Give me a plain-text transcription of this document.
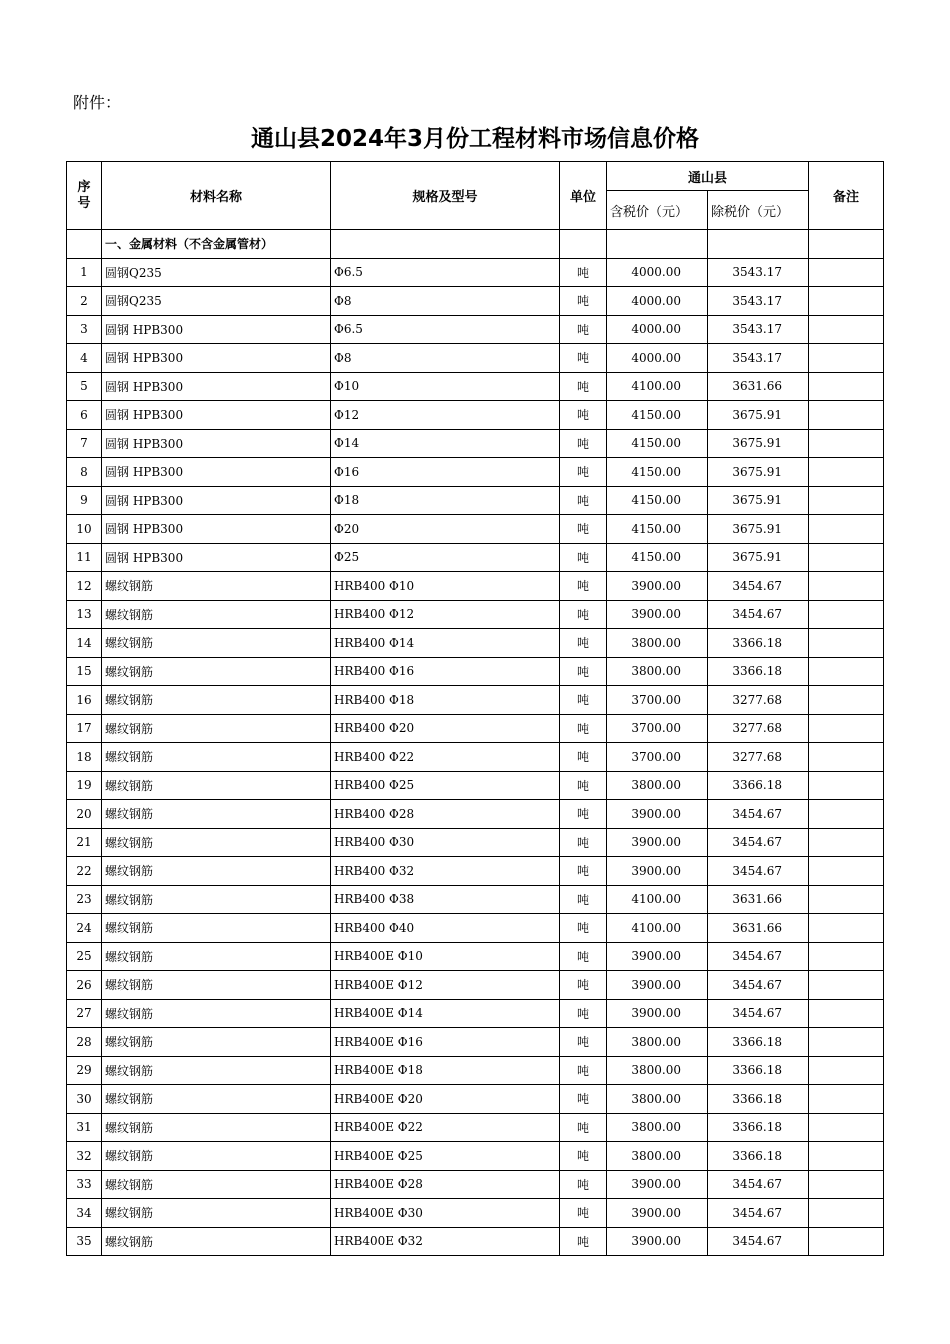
附件：
通山县2024年3月份工程材料市场信息价格
序号	材料名称	规格及型号	单位	通山县		备注
				含税价（元）	除税价（元）	
	一、金属材料（不含金属管材）					
1	圆钢Q235	Φ6.5	吨	4000.00	3543.17	
2	圆钢Q235	Φ8	吨	4000.00	3543.17	
3	圆钢 HPB300	Φ6.5	吨	4000.00	3543.17	
4	圆钢 HPB300	Φ8	吨	4000.00	3543.17	
5	圆钢 HPB300	Φ10	吨	4100.00	3631.66	
6	圆钢 HPB300	Φ12	吨	4150.00	3675.91	
7	圆钢 HPB300	Φ14	吨	4150.00	3675.91	
8	圆钢 HPB300	Φ16	吨	4150.00	3675.91	
9	圆钢 HPB300	Φ18	吨	4150.00	3675.91	
10	圆钢 HPB300	Φ20	吨	4150.00	3675.91	
11	圆钢 HPB300	Φ25	吨	4150.00	3675.91	
12	螺纹钢筋	HRB400 Φ10	吨	3900.00	3454.67	
13	螺纹钢筋	HRB400 Φ12	吨	3900.00	3454.67	
14	螺纹钢筋	HRB400 Φ14	吨	3800.00	3366.18	
15	螺纹钢筋	HRB400 Φ16	吨	3800.00	3366.18	
16	螺纹钢筋	HRB400 Φ18	吨	3700.00	3277.68	
17	螺纹钢筋	HRB400 Φ20	吨	3700.00	3277.68	
18	螺纹钢筋	HRB400 Φ22	吨	3700.00	3277.68	
19	螺纹钢筋	HRB400 Φ25	吨	3800.00	3366.18	
20	螺纹钢筋	HRB400 Φ28	吨	3900.00	3454.67	
21	螺纹钢筋	HRB400 Φ30	吨	3900.00	3454.67	
22	螺纹钢筋	HRB400 Φ32	吨	3900.00	3454.67	
23	螺纹钢筋	HRB400 Φ38	吨	4100.00	3631.66	
24	螺纹钢筋	HRB400 Φ40	吨	4100.00	3631.66	
25	螺纹钢筋	HRB400E Φ10	吨	3900.00	3454.67	
26	螺纹钢筋	HRB400E Φ12	吨	3900.00	3454.67	
27	螺纹钢筋	HRB400E Φ14	吨	3900.00	3454.67	
28	螺纹钢筋	HRB400E Φ16	吨	3800.00	3366.18	
29	螺纹钢筋	HRB400E Φ18	吨	3800.00	3366.18	
30	螺纹钢筋	HRB400E Φ20	吨	3800.00	3366.18	
31	螺纹钢筋	HRB400E Φ22	吨	3800.00	3366.18	
32	螺纹钢筋	HRB400E Φ25	吨	3800.00	3366.18	
33	螺纹钢筋	HRB400E Φ28	吨	3900.00	3454.67	
34	螺纹钢筋	HRB400E Φ30	吨	3900.00	3454.67	
35	螺纹钢筋	HRB400E Φ32	吨	3900.00	3454.67	
